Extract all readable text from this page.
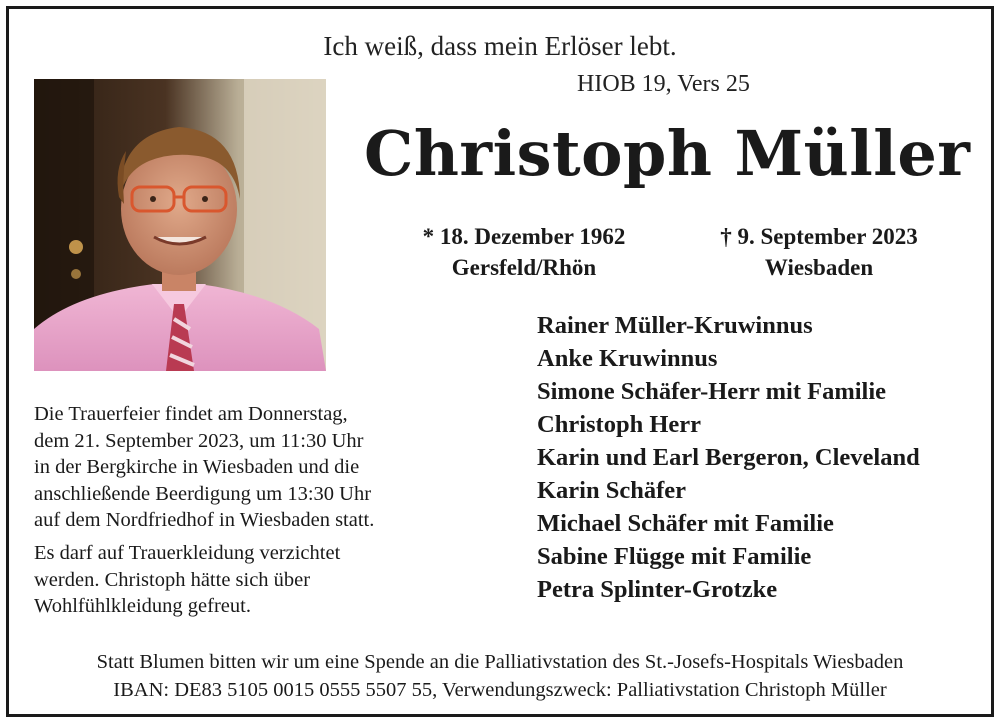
Ich weiß, dass mein Erlöser lebt.
HIOB 19, Vers 25
Christoph Müller
* 18. Dezember 1962
Gersfeld/Rhön
† 9. September 2023
Wiesbaden
Rainer Müller-Kruwinnus
Anke Kruwinnus
Simone Schäfer-Herr mit Familie
Christoph Herr
Karin und Earl Bergeron, Cleveland
Karin Schäfer
Michael Schäfer mit Familie
Sabine Flügge mit Familie
Petra Splinter-Grotzke
Die Trauerfeier findet am Donnerstag,
dem 21. September 2023, um 11:30 Uhr
in der Bergkirche in Wiesbaden und die
anschließende Beerdigung um 13:30 Uhr
auf dem Nordfriedhof in Wiesbaden statt.
Es darf auf Trauerkleidung verzichtet
werden. Christoph hätte sich über
Wohlfühlkleidung gefreut.
Statt Blumen bitten wir um eine Spende an die Palliativstation des St.-Josefs-Hospitals Wiesbaden
IBAN: DE83 5105 0015 0555 5507 55, Verwendungszweck: Palliativstation Christoph Müller
